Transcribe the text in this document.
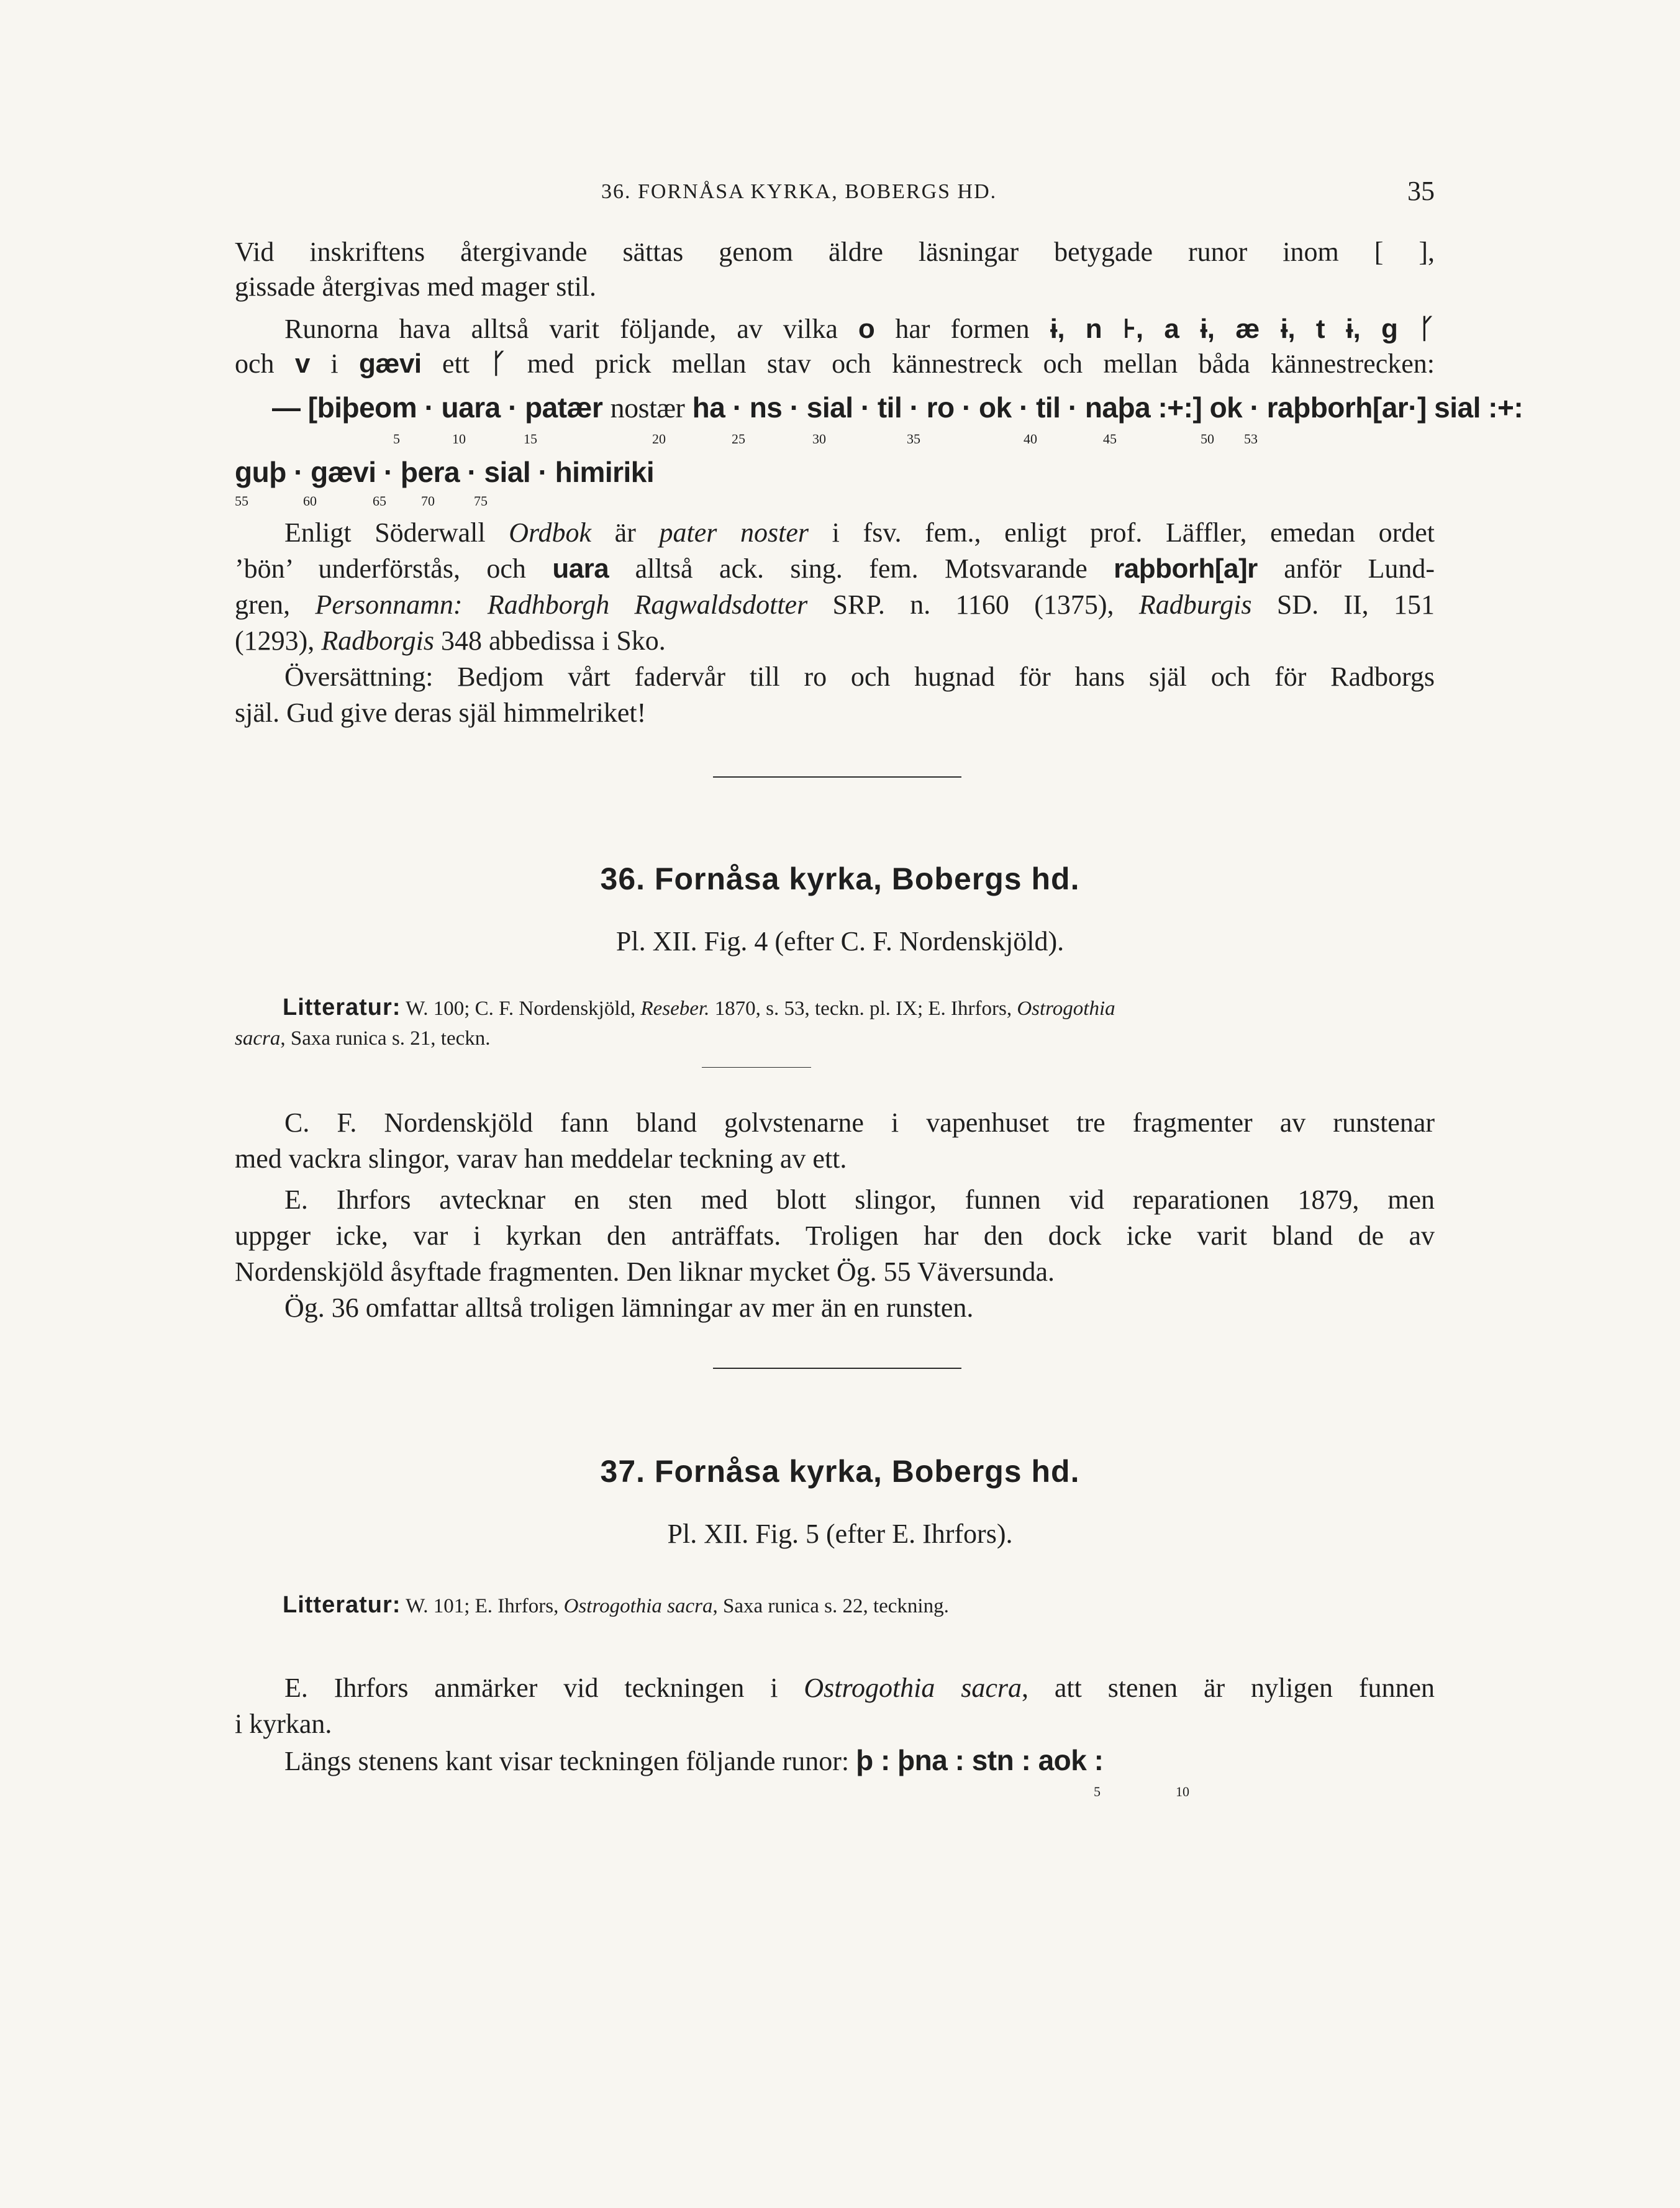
36. FORNÅSA KYRKA, BOBERGS HD.	35
Vid inskriftens återgivande sättas genom äldre läsningar betygade runor inom [ ],
gissade återgivas med mager stil.
Runorna hava alltså varit följande, av vilka o har formen ɨ, n ⊦, a ɨ, æ ɨ, t ɨ, g ᚴ
och v i gævi ett ᚴ med prick mellan stav och kännestreck och mellan båda kännestrecken:
— [biþeom · uara · patær nostær ha · ns · sial · til · ro · ok · til · naþa :+:] ok · raþborh[ar·] sial :+:
5	10	15	20	25	30	35	40	45	50 53
guþ · gævi · þera · sial · himiriki
55	60	65	70	75
Enligt Söderwall Ordbok är pater noster i fsv. fem., enligt prof. Läffler, emedan ordet
’bön’ underförstås, och uara alltså ack. sing. fem. Motsvarande raþborh[a]r anför Lund-
gren, Personnamn: Radhborgh Ragwaldsdotter SRP. n. 1160 (1375), Radburgis SD. II, 151
(1293), Radborgis 348 abbedissa i Sko.
Översättning: Bedjom vårt fadervår till ro och hugnad för hans själ och för Radborgs
själ. Gud give deras själ himmelriket!
36. Fornåsa kyrka, Bobergs hd.
Pl. XII. Fig. 4 (efter C. F. Nordenskjöld).
Litteratur: W. 100; C. F. Nordenskjöld, Reseber. 1870, s. 53, teckn. pl. IX; E. Ihrfors, Ostrogothia
sacra, Saxa runica s. 21, teckn.
C. F. Nordenskjöld fann bland golvstenarne i vapenhuset tre fragmenter av runstenar
med vackra slingor, varav han meddelar teckning av ett.
E. Ihrfors avtecknar en sten med blott slingor, funnen vid reparationen 1879, men
uppger icke, var i kyrkan den anträffats. Troligen har den dock icke varit bland de av
Nordenskjöld åsyftade fragmenten. Den liknar mycket Ög. 55 Väversunda.
Ög. 36 omfattar alltså troligen lämningar av mer än en runsten.
37. Fornåsa kyrka, Bobergs hd.
Pl. XII. Fig. 5 (efter E. Ihrfors).
Litteratur: W. 101; E. Ihrfors, Ostrogothia sacra, Saxa runica s. 22, teckning.
E. Ihrfors anmärker vid teckningen i Ostrogothia sacra, att stenen är nyligen funnen
i kyrkan.
Längs stenens kant visar teckningen följande runor: þ : þna : stn : aok :
5	10
